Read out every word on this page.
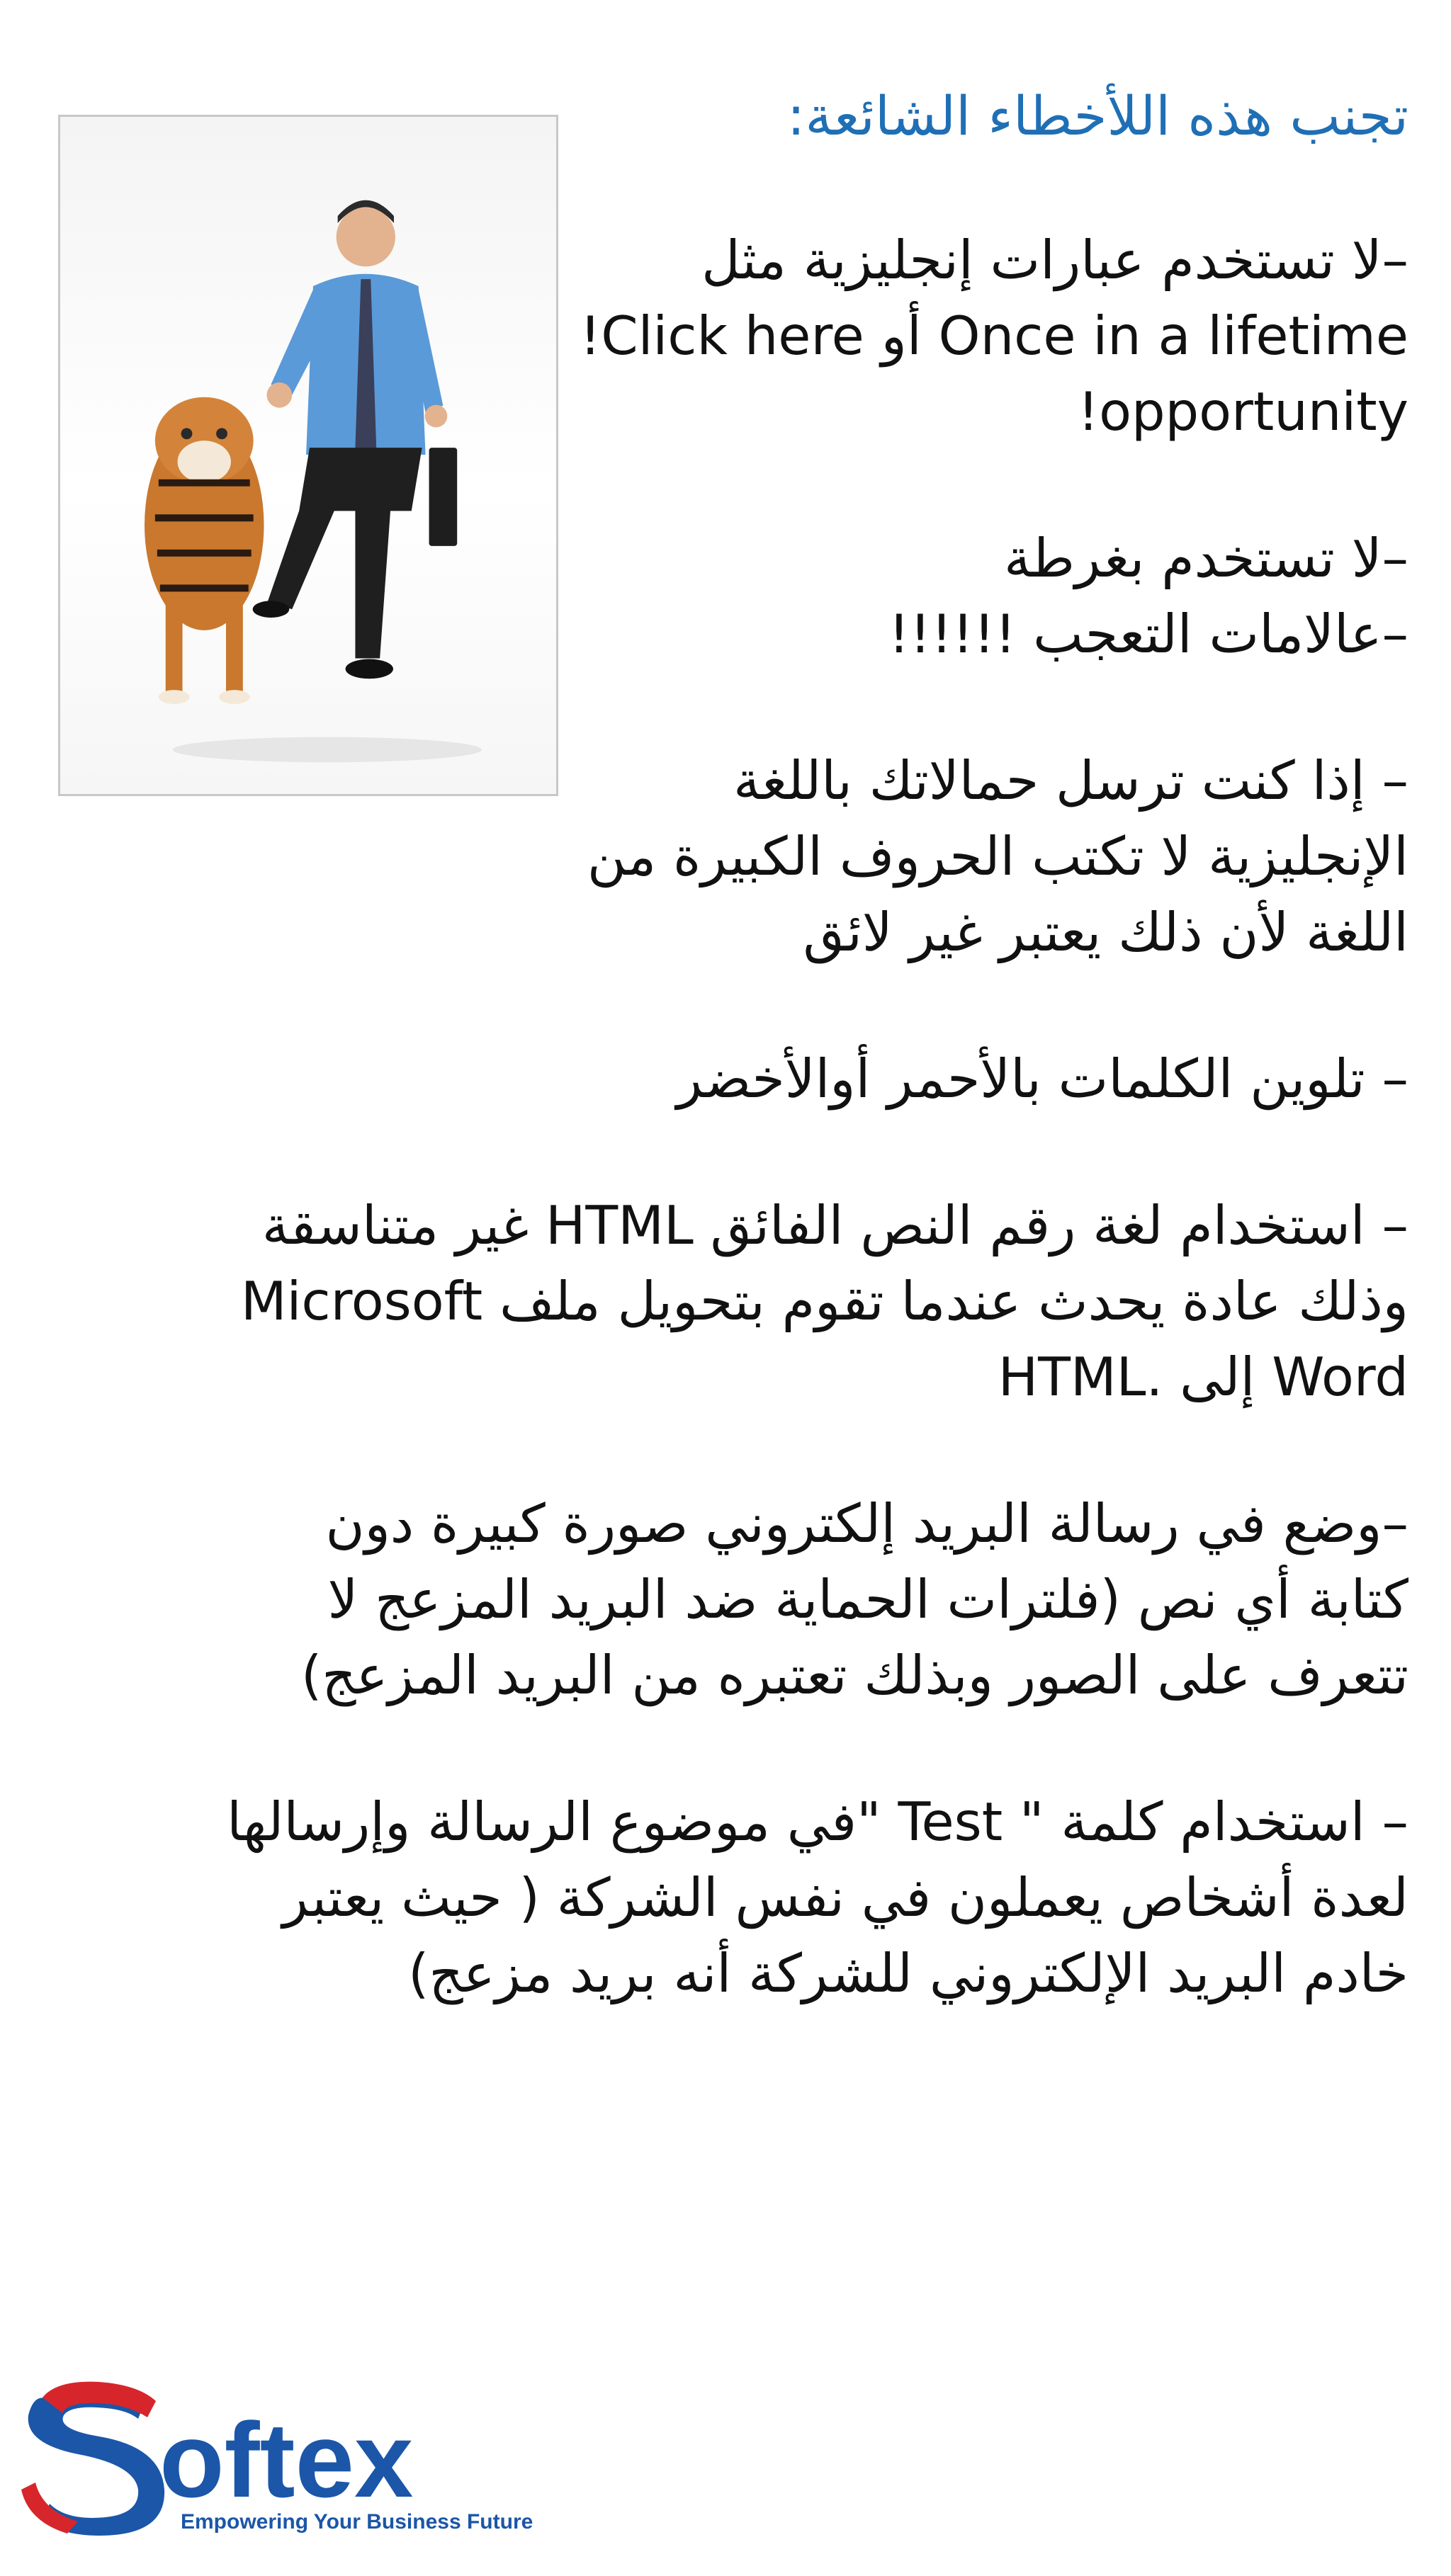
تجنب هذه اللأخطاء الشائعة:
–لا تستخدم عبارات إنجليزية مثل
Once in a lifetime أو Click here!
opportunity!
–لا تستخدم بغرطة
–عالامات التعجب !!!!!!
– إذا كنت ترسل حمالاتك باللغة
الإنجليزية لا تكتب الحروف الكبيرة من
اللغة لأن ذلك يعتبر غير لائق
– تلوين الكلمات بالأحمر أوالأخضر
– استخدام لغة رقم النص الفائق HTML غير متناسقة
وذلك عادة يحدث عندما تقوم بتحويل ملف Microsoft
Word إلى .HTML
–وضع في رسالة البريد إلكتروني صورة كبيرة دون
كتابة أي نص (فلترات الحماية ضد البريد المزعج لا
تتعرف على الصور وبذلك تعتبره من البريد المزعج)
– استخدام كلمة " Test "في موضوع الرسالة وإرسالها
لعدة أشخاص يعملون في نفس الشركة ( حيث يعتبر
خادم البريد الإلكتروني للشركة أنه بريد مزعج)
oftex
Empowering Your Business Future
